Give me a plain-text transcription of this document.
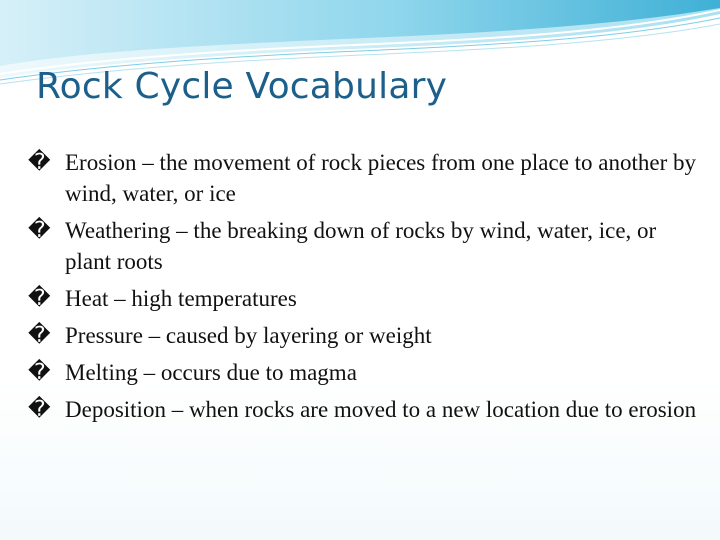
Rock Cycle Vocabulary
� Erosion – the movement of rock pieces from one place to another by wind, water, or ice
� Weathering – the breaking down of rocks by wind, water, ice, or plant roots
� Heat – high temperatures
� Pressure – caused by layering or weight
� Melting – occurs due to magma
� Deposition – when rocks are moved to a new location due to erosion
